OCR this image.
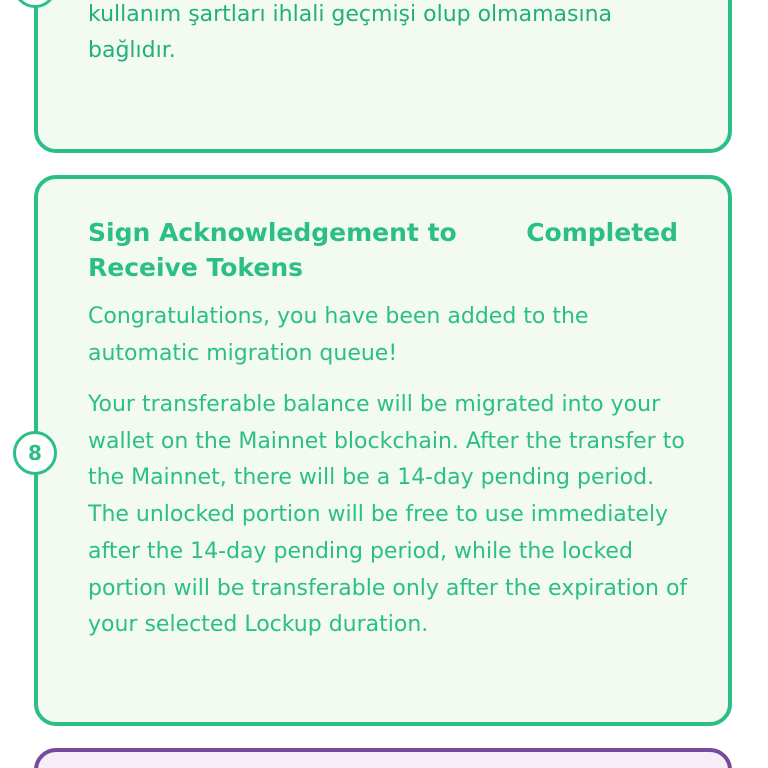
kullanım şartları ihlali geçmişi olup olmamasına bağlıdır.

Sign Acknowledgement to Receive Tokens
Completed

Congratulations, you have been added to the automatic migration queue!

Your transferable balance will be migrated into your wallet on the Mainnet blockchain. After the transfer to the Mainnet, there will be a 14-day pending period. The unlocked portion will be free to use immediately after the 14-day pending period, while the locked portion will be transferable only after the expiration of your selected Lockup duration.

8
